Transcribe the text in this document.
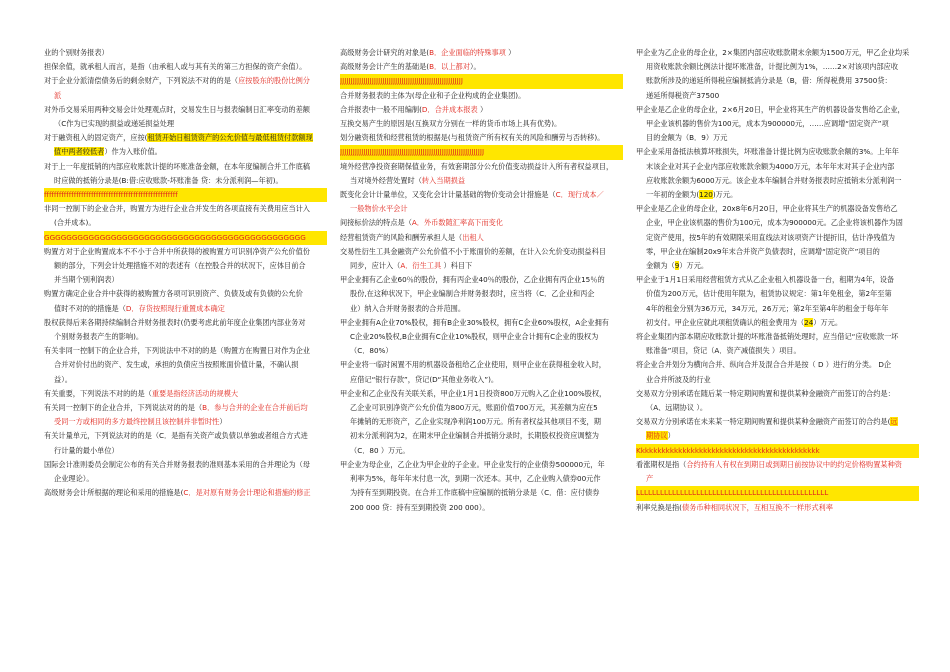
业的个别财务报表）
担保余值，就承租人而言，是指（由承租人或与其有关的第三方担保的资产余值）。
对于企业分派清偿债务后的剩余财产，下列说法不对的的是（应按股东的股份比例分
派
对外币交易采用两种交易会计处理观点时，交易发生日与报表编制日汇率变动的差额
（C作为已实现的损益或递延损益处理
对于融资租入的固定资产，应按(租赁开始日租赁资产的公允价值与最低租赁付款额现
值中两者较低者）作为入账价值。
对于上一年度抵销的内部应收账款计提的坏账准备金额，在本年度编制合并工作底稿
时应做的抵销分录是(B:借:应收账款-坏账准备 贷：未分派利润—年初)。
ffffffffffffffffffffffffffffffffffffffffffffffffffffff
非同一控制下的企业合并，购置方为进行企业合并发生的各项直接有关费用应当计入
(合并成本)。
GGGGGGGGGGGGGGGGGGGGGGGGGGGGGGGGGGGGGGGGGGGGGGG
购置方对于企业购置成本不不小于合并中所获得的被购置方可识别净资产公允价值份
额的部分，下列会计处理措施不对的表述有（在控股合并的状况下，应体目前合
并当期个别利润表）
购置方确定企业合并中获得的被购置方各项可识别资产、负债及或有负债的公允价
值时不对的的措施是（D．存货按照现行重置成本确定
股权获得后来各期持续编制合并财务报表时(仍要考虑此前年度企业集团内部业务对
个别财务报表产生的影响)。
有关非同一控制下的企业合并，下列说法中不对的的是（购置方在购置日对作为企业
合并对价付出的资产、发生或，承担的负债应当按照账面价值计量，不确认损
益）。
有关重要，下列说法不对的的是（重要是指经济活动的规模大
有关同一控制下的企业合并，下列说法对的的是（B．参与合并的企业在合并前后均
受同一方或相同的多方最终控制且该控制并非暂时性）
有关计量单元，下列说法对的的是（C．是指有关资产或负债以单独或者组合方式进
行计量的最小单位）
国际会计准则委员会制定公布的有关合并财务报表的准则基本采用的合并理论为（母
企业理论）。
高级财务会计所根据的理论和采用的措施是(C．是对原有财务会计理论和措施的修正
高级财务会计研究的对象是(B．企业面临的特殊事项 ）
高级财务会计产生的基础是(B．以上都对）。
JJJJJJJJJJJJJJJJJJJJJJJJJJJJJJJJJJJJJJJJJJJJJJJJJJJJJJJJJJ
合并财务报表的主体为(母企业和子企业构成的企业集团)。
合并报表中一般不用编制(D．合并成本报表 ）
互换交易产生的原因是(互换双方分别在一样的货币市场上具有优势)。
划分融资租赁和经营租赁的根据是(与租赁资产所有权有关的风险和酬劳与否转移)。
JJJJJJJJJJJJJJJJJJJJJJJJJJJJJJJJJJJJJJJJJJJJJJJJJJJJJJJJJJJJJJJJJJJJ
境外经营净投资套期保值业务，有效套期部分公允价值变动损益计入所有者权益项目，
当对境外经营处置时（转入当期损益
既变化会计计量单位，又变化会计计量基础的物价变动会计措施是（C．现行成本／
一般物价水平会计
间接标价法的特点是（A．外币数随汇率高下而变化
经营租赁资产的风险和酬劳承担人是（出租人
交易性衍生工具金融资产公允价值不小于账面价的差额，在计入公允价变动损益科目
同步，应计入（A．衍生工具 ）科目下
甲企业拥有乙企业60％的股份，拥有丙企业40％的股份，乙企业拥有丙企业15％的
股份,在这种状况下，甲企业编制合并财务报表时，应当将（C．乙企业和丙企
业）纳入合并财务报表的合并范围。
甲企业拥有A企业70%股权，拥有B企业30%股权，拥有C企业60%股权，A企业拥有
C企业20%股权,B企业拥有C企业10%股权，则甲企业合计拥有C企业的股权为
（C．80%）
甲企业将一临时闲置不用的机器设备租给乙企业使用，则甲企业在获得租金收入时，
应借记“银行存款”，贷记(D“其他业务收入”)。
甲企业和乙企业没有关联关系，甲企业1月1日投资800万元购入乙企业100%股权，
乙企业可识别净资产公允价值为800万元，账面价值700万元，其差额为应在5
年摊销的无形资产，乙企业实现净利润100万元。所有者权益其他项目不变，期
初未分派利润为2，在期末甲企业编制合并抵销分录时，长期股权投资应调整为
（C．80 ）万元。
甲企业为母企业，乙企业为甲企业的子企业。甲企业发行的企业债券500000元，年
利率为5%，每年年末付息一次，到期一次还本。其中，乙企业购入债券00元作
为持有至到期投资。在合并工作底稿中应编制的抵销分录是（C．借：应付债券
200 000 贷：持有至到期投资 200 000）。
甲企业为乙企业的母企业，2×集团内部应收账款期末余额为1500万元，甲乙企业均采
用资收账款余额比例法计提坏账准备，计提比例为1%，……2×对该项内部应收
账款所涉及的递延所得税应编制抵消分录是（B，借：所得税费用 37500贷：
递延所得税资产37500
甲企业是乙企业的母企业，2×6月20日，甲企业将其生产的机器设备发售给乙企业，
甲企业该机器的售价为100元，成本为900000元，……应调增“固定资产”项
目的金额为（B．9）万元
甲企业采用备抵法核算坏账损失，坏账准备计提比例为应收账款余额的3%。上年年
末该企业对其子企业内部应收账款余额为4000万元，本年年末对其子企业内部
应收账款余额为6000万元。该企业本年编制合并财务报表时应抵销未分派利润一
一年初的金额为(120)万元。
甲企业是乙企业的母企业，20x8年6月20日，甲企业将其生产的机器设备发售给乙
企业，甲企业该机器的售价为100元，成本为900000元。乙企业将该机器作为固
定资产使用，按5年的有效期限采用直线法对该项资产计提折旧，估计净残值为
零，甲企业在编制20x9年末合并资产负债表时，应调增“固定资产”项目的
金额为（9）万元。
甲企业于1月1日采用经营租赁方式从乙企业租入机器设备一台，租期为4年，设备
价值为200万元，估计使用年限为，租赁协议规定：第1年免租金，第2年至第
4年的租金分别为36万元，34万元，26万元；第2年至第4年的租金于每年年
初支付。甲企业应就此项租赁确认的租金费用为（24）万元。
将企业集团内部本期应收账款计提的坏账准备抵销处理时，应当借记“应收账款一坏
账准备”项目，贷记（A．资产减值损失 ）项目。
将企业合并划分为横向合并、纵向合并及混合合并是按（ D ）进行的分类。 D企
业合并所波及的行业
交易双方分别承诺在随后某一特定期间购置和提供某种金融资产而签订的合约是：
（A、远期协议 ）。
交易双方分别承诺在未来某一特定期间购置和提供某种金融资产而签订的合约是(远
期协议）
Kkkkkkkkkkkkkkkkkkkkkkkkkkkkkkkkkkkkkkkkkkkk
看涨期权是指（合约持有人有权在到期日或到期日前按协议中的约定价格购置某种资
产
LLLLLLLLLLLLLLLLLLLLLLLLLLLLLLLLLLLLLLLLLLLLLLLL
利率兑换是指(债务币种相同状况下，互相互换不一样形式利率
